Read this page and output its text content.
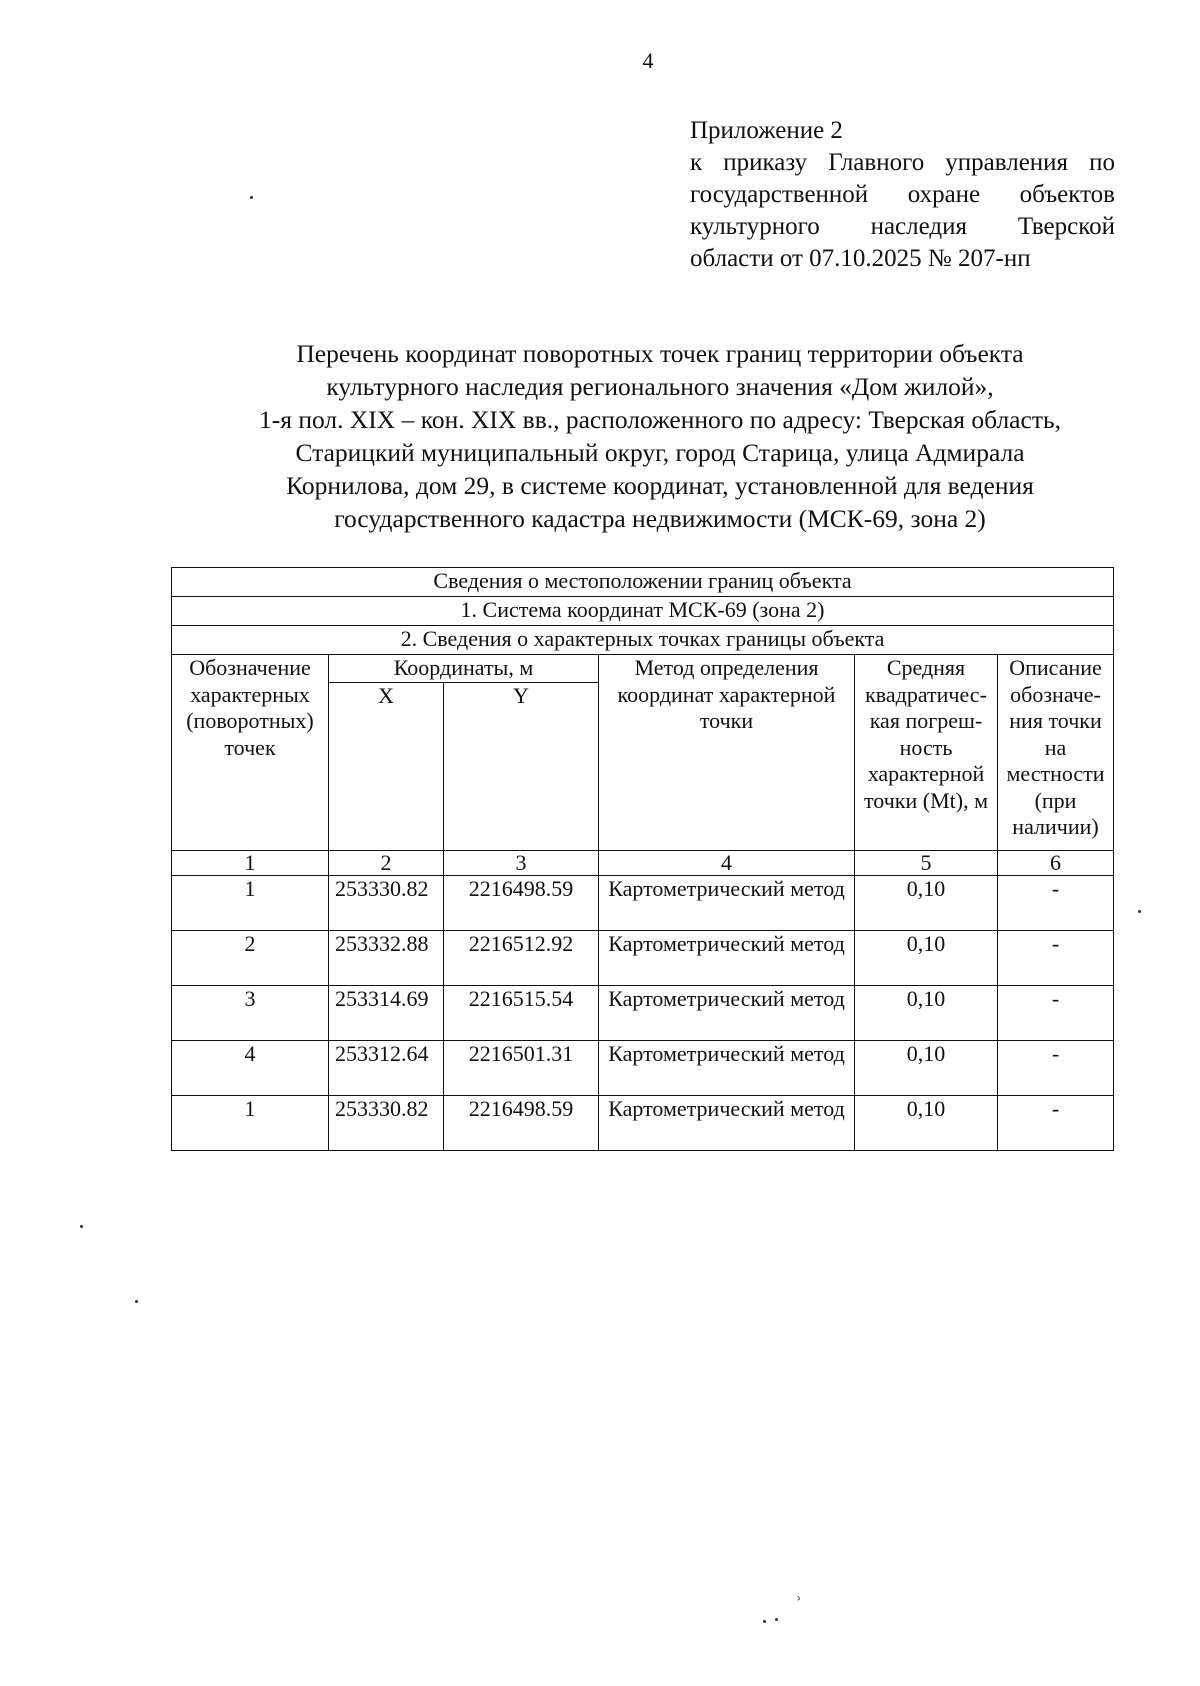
4
Приложение 2
к приказу Главного управления по
государственной охране объектов
культурного наследия Тверской
области от 07.10.2025 № 207-нп
Перечень координат поворотных точек границ территории объекта
культурного наследия регионального значения «Дом жилой»,
1-я пол. XIX – кон. XIX вв., расположенного по адресу: Тверская область,
Старицкий муниципальный округ, город Старица, улица Адмирала
Корнилова, дом 29, в системе координат, установленной для ведения
государственного кадастра недвижимости (МСК-69, зона 2)
Сведения о местоположении границ объекта					
1. Система координат МСК-69 (зона 2)					
2. Сведения о характерных точках границы объекта					
Обозначение характерных (поворотных) точек	Координаты, м		Метод определения координат характерной точки	Средняя квадратичес-кая погреш-ность характерной точки (Mt), м	Описание обозначе-ния точки на местности (при наличии)
	X	Y			
1	2	3	4	5	6
1	253330.82	2216498.59	Картометрический метод	0,10	-
2	253332.88	2216512.92	Картометрический метод	0,10	-
3	253314.69	2216515.54	Картометрический метод	0,10	-
4	253312.64	2216501.31	Картометрический метод	0,10	-
1	253330.82	2216498.59	Картометрический метод	0,10	-
ʾ
